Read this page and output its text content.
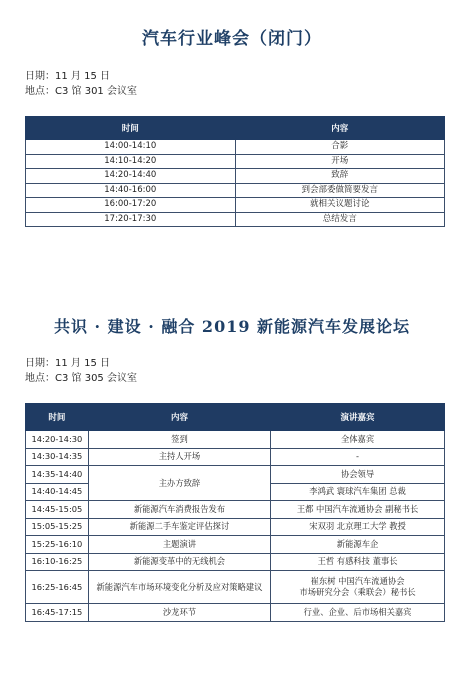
汽车行业峰会（闭门）
日期：11 月 15 日
地点：C3 馆 301 会议室
时间	内容
14:00-14:10	合影
14:10-14:20	开场
14:20-14:40	致辞
14:40-16:00	到会部委做简要发言
16:00-17:20	就相关议题讨论
17:20-17:30	总结发言
共识 · 建设 · 融合 2019 新能源汽车发展论坛
日期：11 月 15 日
地点：C3 馆 305 会议室
时间	内容	演讲嘉宾
14:20-14:30	签到	全体嘉宾
14:30-14:35	主持人开场	-
14:35-14:40	主办方致辞	协会领导
14:40-14:45		李鸿武 寰球汽车集团 总裁
14:45-15:05	新能源汽车消费报告发布	王都 中国汽车流通协会 副秘书长
15:05-15:25	新能源二手车鉴定评估探讨	宋双羽 北京理工大学 教授
15:25-16:10	主题演讲	新能源车企
16:10-16:25	新能源变革中的无线机会	王哲 有感科技 董事长
16:25-16:45	新能源汽车市场环境变化分析及应对策略建议	崔东树 中国汽车流通协会
市场研究分会（乘联会）秘书长
16:45-17:15	沙龙环节	行业、企业、后市场相关嘉宾
